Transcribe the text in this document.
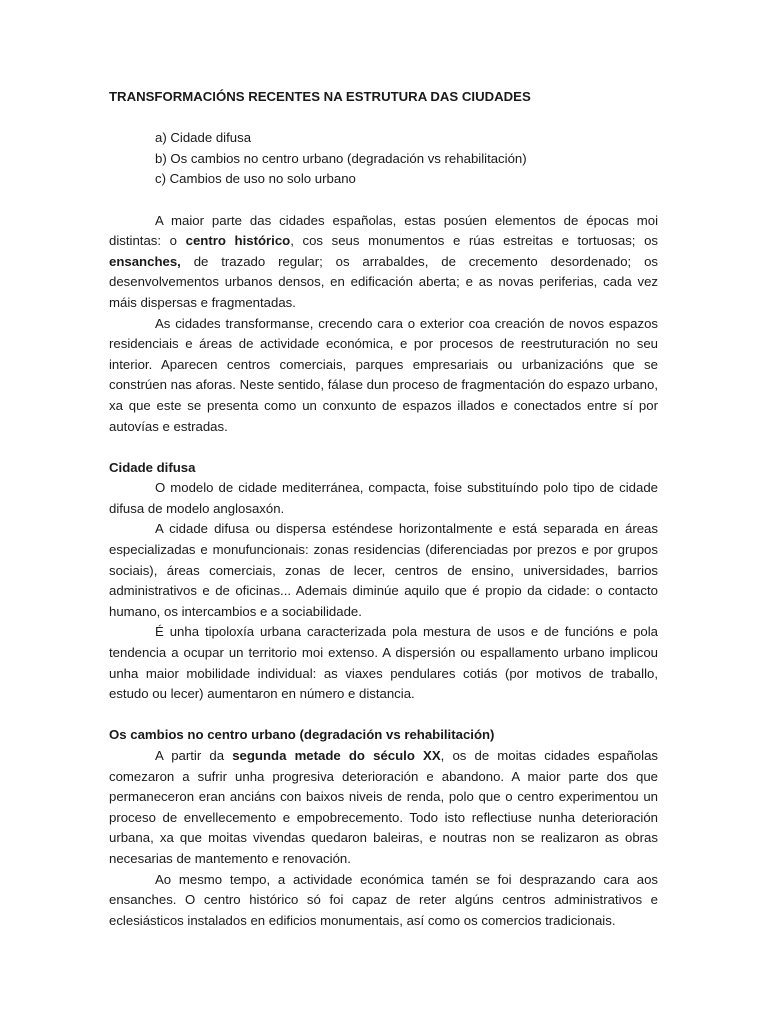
TRANSFORMACIÓNS RECENTES NA ESTRUTURA DAS CIUDADES

a) Cidade difusa
b) Os cambios no centro urbano (degradación vs rehabilitación)
c) Cambios de uso no solo urbano

A maior parte das cidades españolas, estas posúen elementos de épocas moi distintas: o centro histórico, cos seus monumentos e rúas estreitas e tortuosas; os ensanches, de trazado regular; os arrabaldes, de crecemento desordenado; os desenvolvementos urbanos densos, en edificación aberta; e as novas periferias, cada vez máis dispersas e fragmentadas.

As cidades transformanse, crecendo cara o exterior coa creación de novos espazos residenciais e áreas de actividade económica, e por procesos de reestruturación no seu interior. Aparecen centros comerciais, parques empresariais ou urbanizacións que se constrúen nas aforas. Neste sentido, fálase dun proceso de fragmentación do espazo urbano, xa que este se presenta como un conxunto de espazos illados e conectados entre sí por autovías e estradas.

Cidade difusa

O modelo de cidade mediterránea, compacta, foise substituíndo polo tipo de cidade difusa de modelo anglosaxón.

A cidade difusa ou dispersa esténdese horizontalmente e está separada en áreas especializadas e monufuncionais: zonas residencias (diferenciadas por prezos e por grupos sociais), áreas comerciais, zonas de lecer, centros de ensino, universidades, barrios administrativos e de oficinas... Ademais diminúe aquilo que é propio da cidade: o contacto humano, os intercambios e a sociabilidade.

É unha tipoloxía urbana caracterizada pola mestura de usos e de funcións e pola tendencia a ocupar un territorio moi extenso. A dispersión ou espallamento urbano implicou unha maior mobilidade individual: as viaxes pendulares cotiás (por motivos de traballo, estudo ou lecer) aumentaron en número e distancia.

Os cambios no centro urbano (degradación vs rehabilitación)

A partir da segunda metade do século XX, os de moitas cidades españolas comezaron a sufrir unha progresiva deterioración e abandono. A maior parte dos que permaneceron eran anciáns con baixos niveis de renda, polo que o centro experimentou un proceso de envellecemento e empobrecemento. Todo isto reflectiuse nunha deterioración urbana, xa que moitas vivendas quedaron baleiras, e noutras non se realizaron as obras necesarias de mantemento e renovación.

Ao mesmo tempo, a actividade económica tamén se foi desprazando cara aos ensanches. O centro histórico só foi capaz de reter algúns centros administrativos e eclesiásticos instalados en edificios monumentais, así como os comercios tradicionais.
